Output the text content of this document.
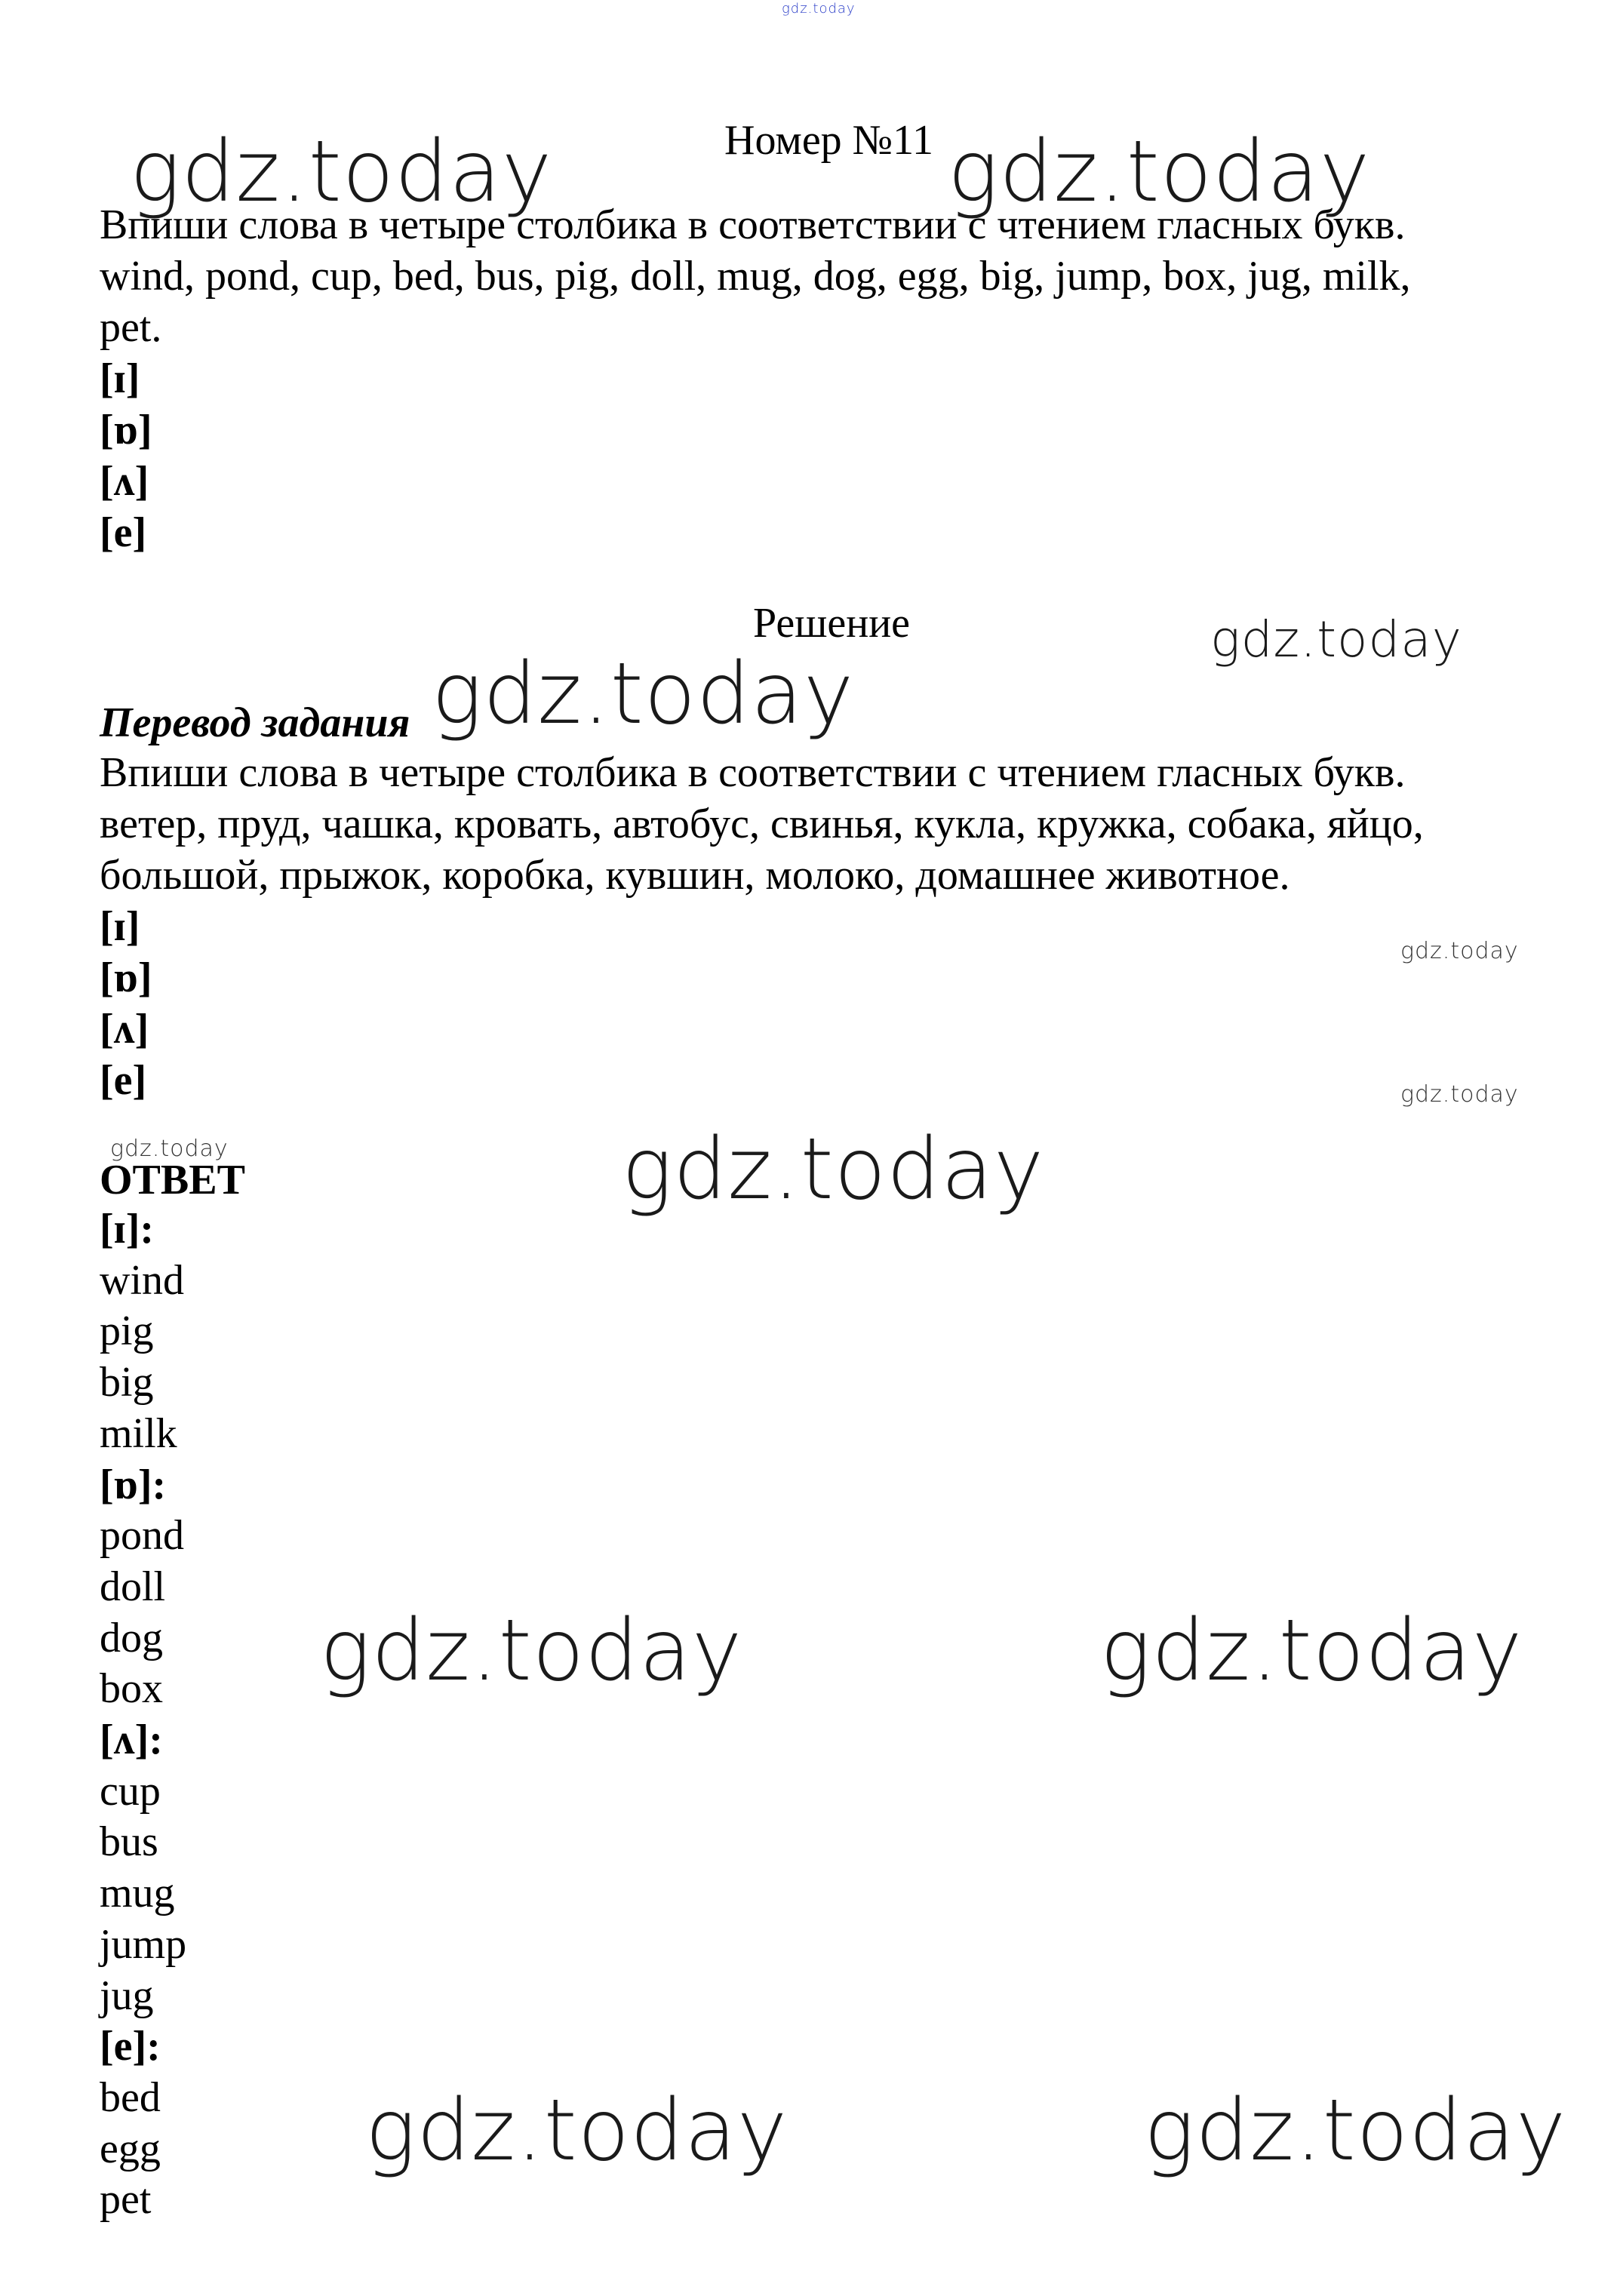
gdz.today
Номер №11
gdz.today	gdz.today
Впиши слова в четыре столбика в соответствии с чтением гласных букв.
wind, pond, cup, bed, bus, pig, doll, mug, dog, egg, big, jump, box, jug, milk,
pet.
[ɪ]
[ɒ]
[ʌ]
[e]
Решение	gdz.today
gdz.today
Перевод задания
Впиши слова в четыре столбика в соответствии с чтением гласных букв.
ветер, пруд, чашка, кровать, автобус, свинья, кукла, кружка, собака, яйцо,
большой, прыжок, коробка, кувшин, молоко, домашнее животное.
[ɪ]
[ɒ]
[ʌ]
[e]
gdz.today
gdz.today
gdz.today
ОТВЕТ	gdz.today
[ɪ]:
wind
pig
big
milk
[ɒ]:
pond
doll
dog
box
[ʌ]:
cup
bus
mug
jump
jug
[e]:
bed
egg
pet
gdz.today	gdz.today
gdz.today	gdz.today
